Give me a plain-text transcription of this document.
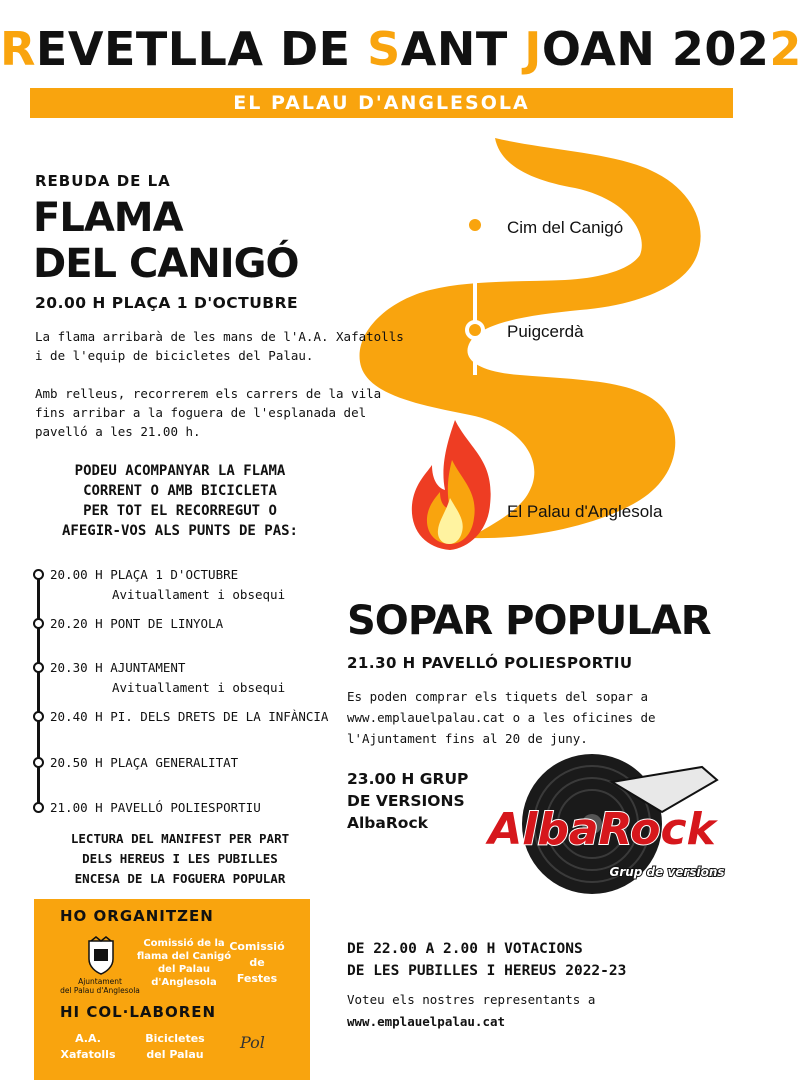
REVETLLA DE SANT JOAN 2022
EL PALAU D'ANGLESOLA
Cim del Canigó
Puigcerdà
El Palau d'Anglesola
REBUDA DE LA
FLAMA
DEL CANIGÓ
20.00 H PLAÇA 1 D'OCTUBRE
La flama arribarà de les mans de l'A.A. Xafatolls
i de l'equip de bicicletes del Palau.
Amb relleus, recorrerem els carrers de la vila
fins arribar a la foguera de l'esplanada del
pavelló a les 21.00 h.
PODEU ACOMPANYAR LA FLAMA
CORRENT O AMB BICICLETA
PER TOT EL RECORREGUT O
AFEGIR-VOS ALS PUNTS DE PAS:
20.00 H PLAÇA 1 D'OCTUBRE
Avituallament i obsequi
20.20 H PONT DE LINYOLA
20.30 H AJUNTAMENT
Avituallament i obsequi
20.40 H PI. DELS DRETS DE LA INFÀNCIA
20.50 H PLAÇA GENERALITAT
21.00 H PAVELLÓ POLIESPORTIU
LECTURA DEL MANIFEST PER PART
DELS HEREUS I LES PUBILLES
ENCESA DE LA FOGUERA POPULAR
SOPAR POPULAR
21.30 H PAVELLÓ POLIESPORTIU
Es poden comprar els tiquets del sopar a
www.emplauelpalau.cat o a les oficines de
l'Ajuntament fins al 20 de juny.
23.00 H GRUP
DE VERSIONS
AlbaRock	AlbaRock
Grup de versions
DE 22.00 A 2.00 H VOTACIONS
DE LES PUBILLES I HEREUS 2022-23
Voteu els nostres representants a
www.emplauelpalau.cat
HO ORGANITZEN
Ajuntament
del Palau d'Anglesola
Comissió de la
flama del Canigó
del Palau
d'Anglesola
Comissió
de
Festes
HI COL·LABOREN
A.A.
Xafatolls
Bicicletes
del Palau
Pol
